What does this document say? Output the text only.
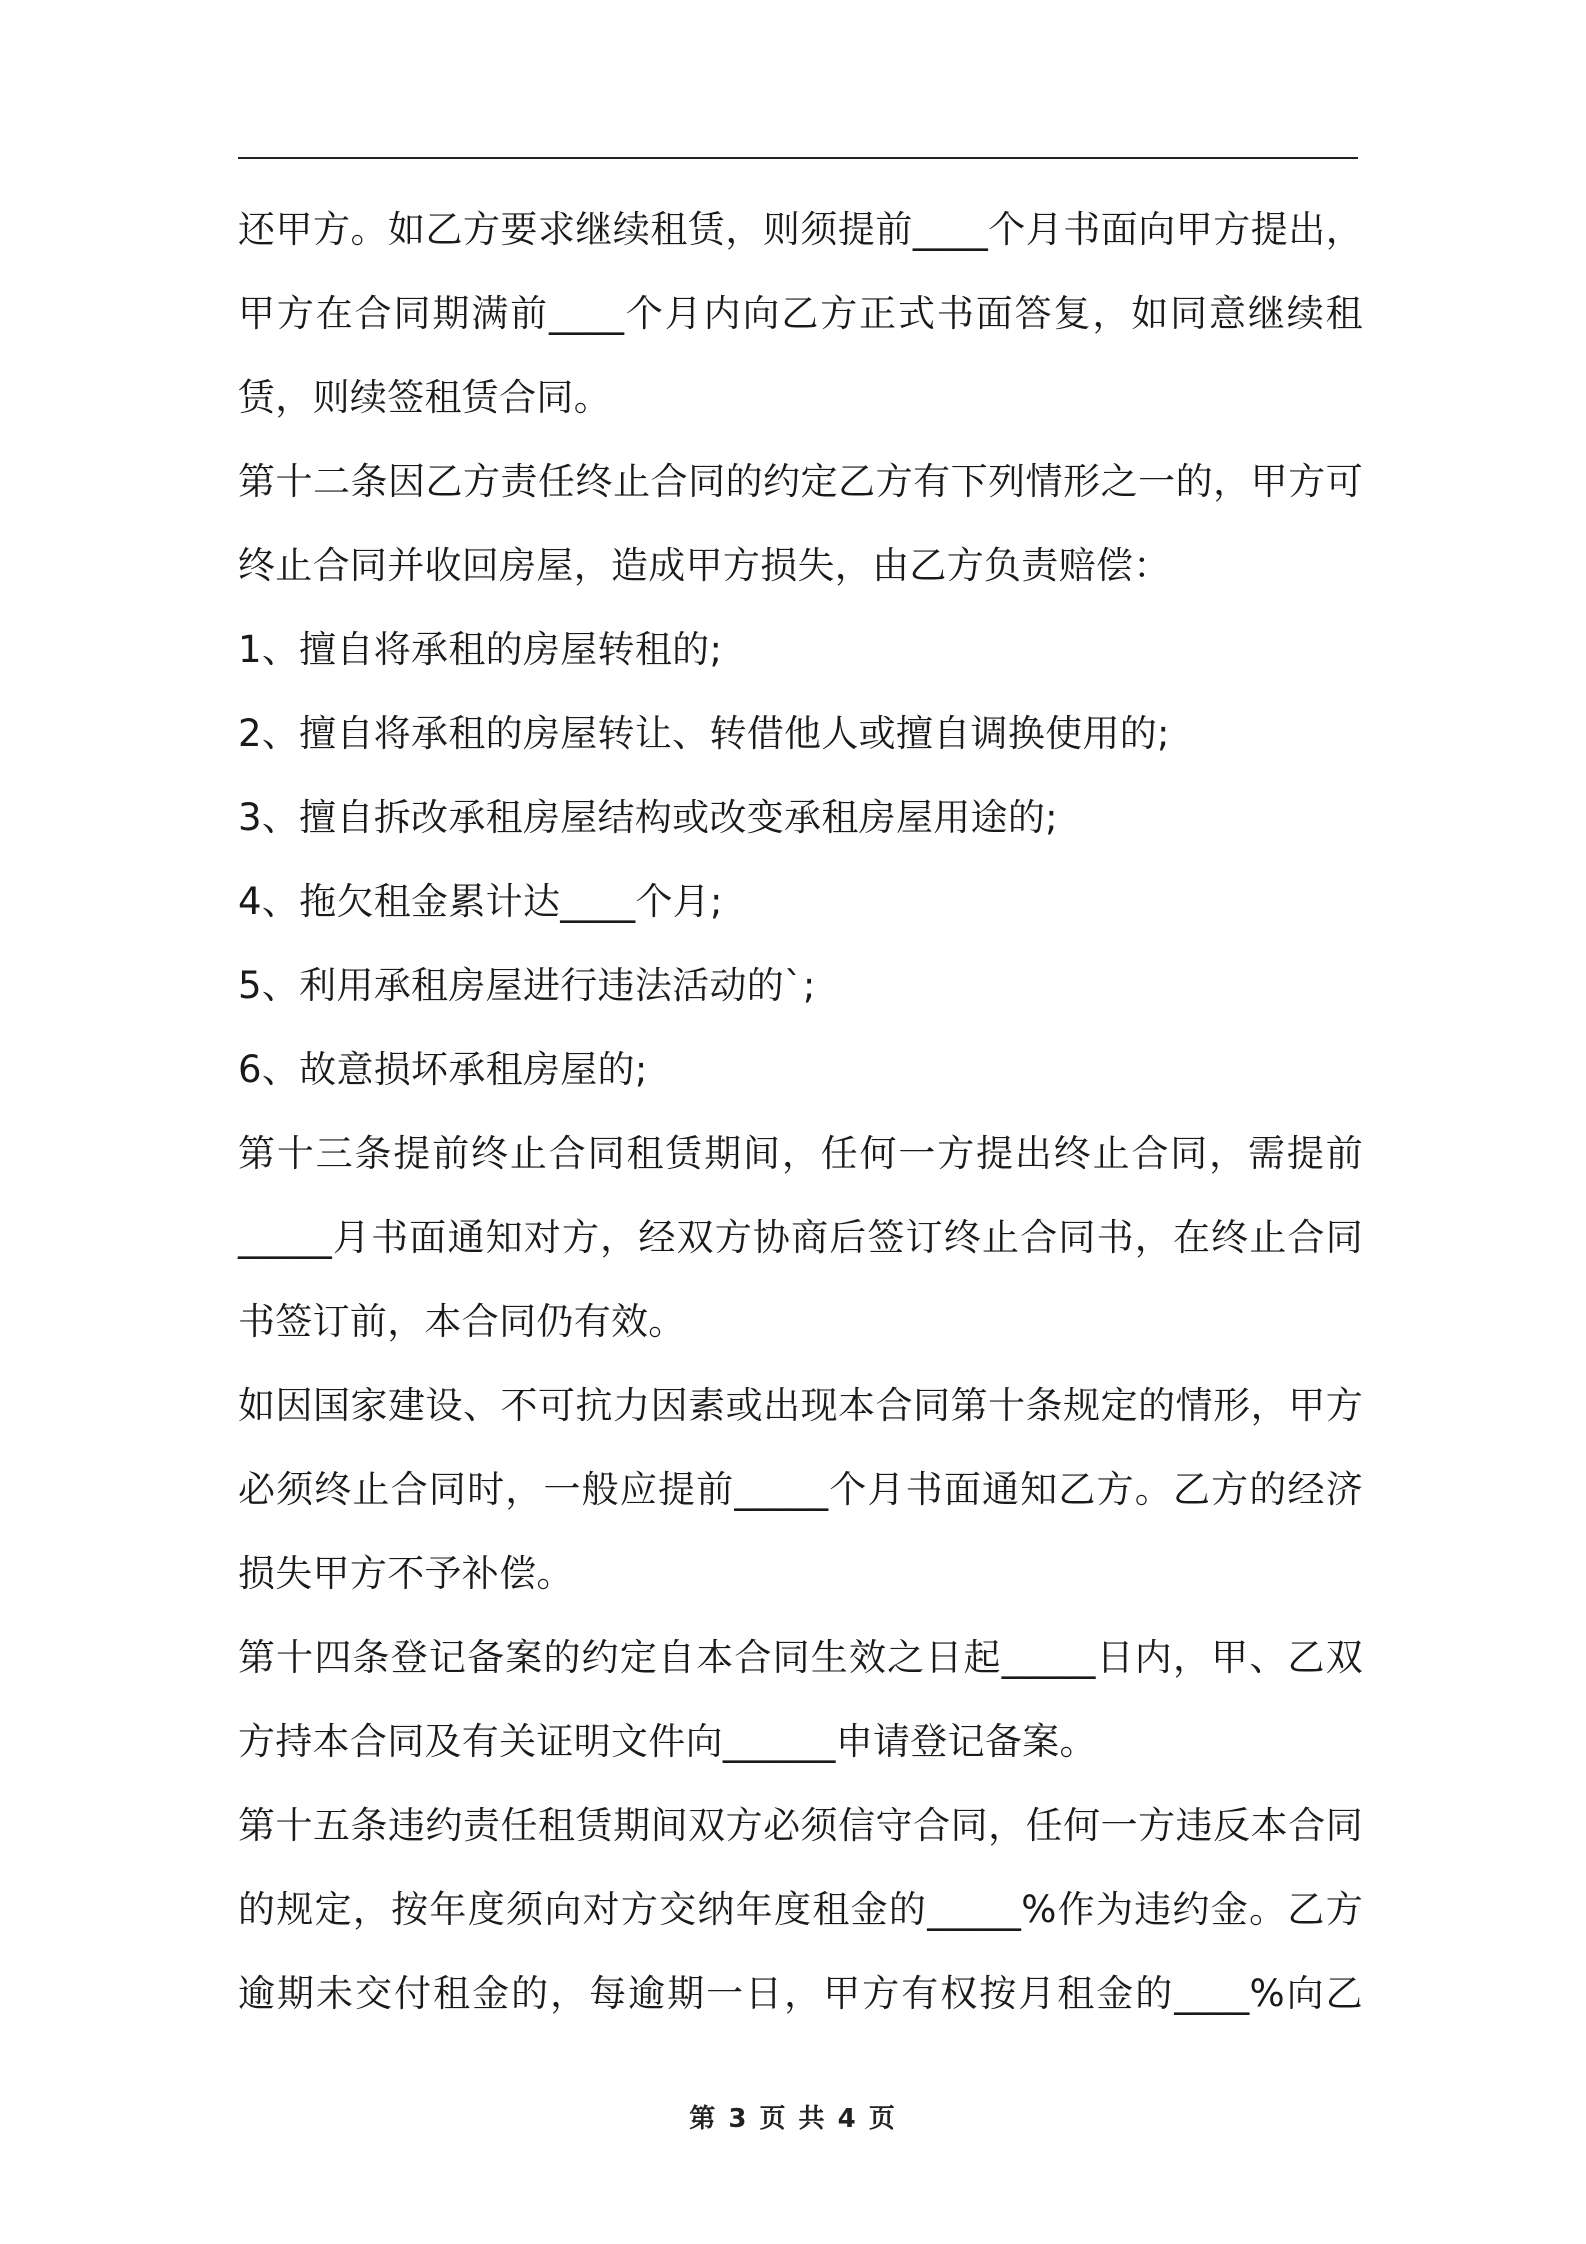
还甲方。如乙方要求继续租赁，则须提前____个月书面向甲方提出，
甲方在合同期满前____个月内向乙方正式书面答复，如同意继续租
赁，则续签租赁合同。
第十二条因乙方责任终止合同的约定乙方有下列情形之一的，甲方可
终止合同并收回房屋，造成甲方损失，由乙方负责赔偿：
1、擅自将承租的房屋转租的;
2、擅自将承租的房屋转让、转借他人或擅自调换使用的;
3、擅自拆改承租房屋结构或改变承租房屋用途的;
4、拖欠租金累计达____个月;
5、利用承租房屋进行违法活动的`;
6、故意损坏承租房屋的;
第十三条提前终止合同租赁期间，任何一方提出终止合同，需提前
_____月书面通知对方，经双方协商后签订终止合同书，在终止合同
书签订前，本合同仍有效。
如因国家建设、不可抗力因素或出现本合同第十条规定的情形，甲方
必须终止合同时，一般应提前_____个月书面通知乙方。乙方的经济
损失甲方不予补偿。
第十四条登记备案的约定自本合同生效之日起_____日内，甲、乙双
方持本合同及有关证明文件向______申请登记备案。
第十五条违约责任租赁期间双方必须信守合同，任何一方违反本合同
的规定，按年度须向对方交纳年度租金的_____%作为违约金。乙方
逾期未交付租金的，每逾期一日，甲方有权按月租金的____%向乙
第 3 页 共 4 页
